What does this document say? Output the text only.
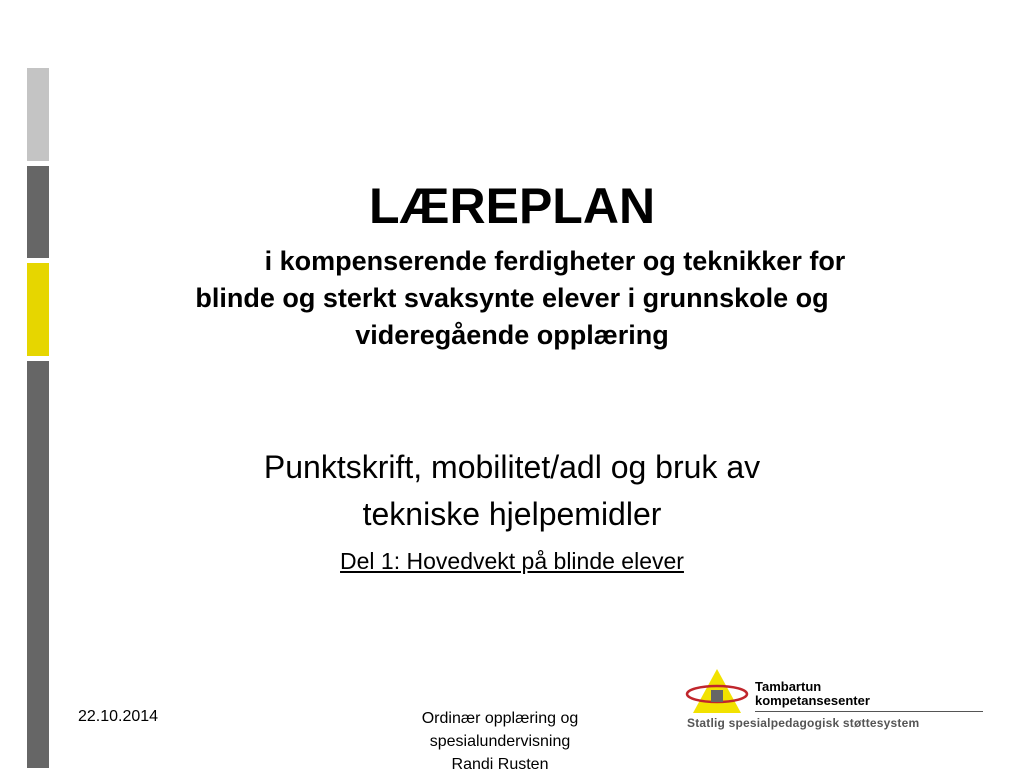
LÆREPLAN

i kompenserende ferdigheter og teknikker for
blinde og sterkt svaksynte elever i grunnskole og
videregående opplæring

Punktskrift, mobilitet/adl og bruk av
tekniske hjelpemidler
Del 1: Hovedvekt på blinde elever
22.10.2014	Ordinær opplæring og
spesialundervisning
Randi Rusten
Tambartun
kompetansesenter
Statlig spesialpedagogisk støttesystem
